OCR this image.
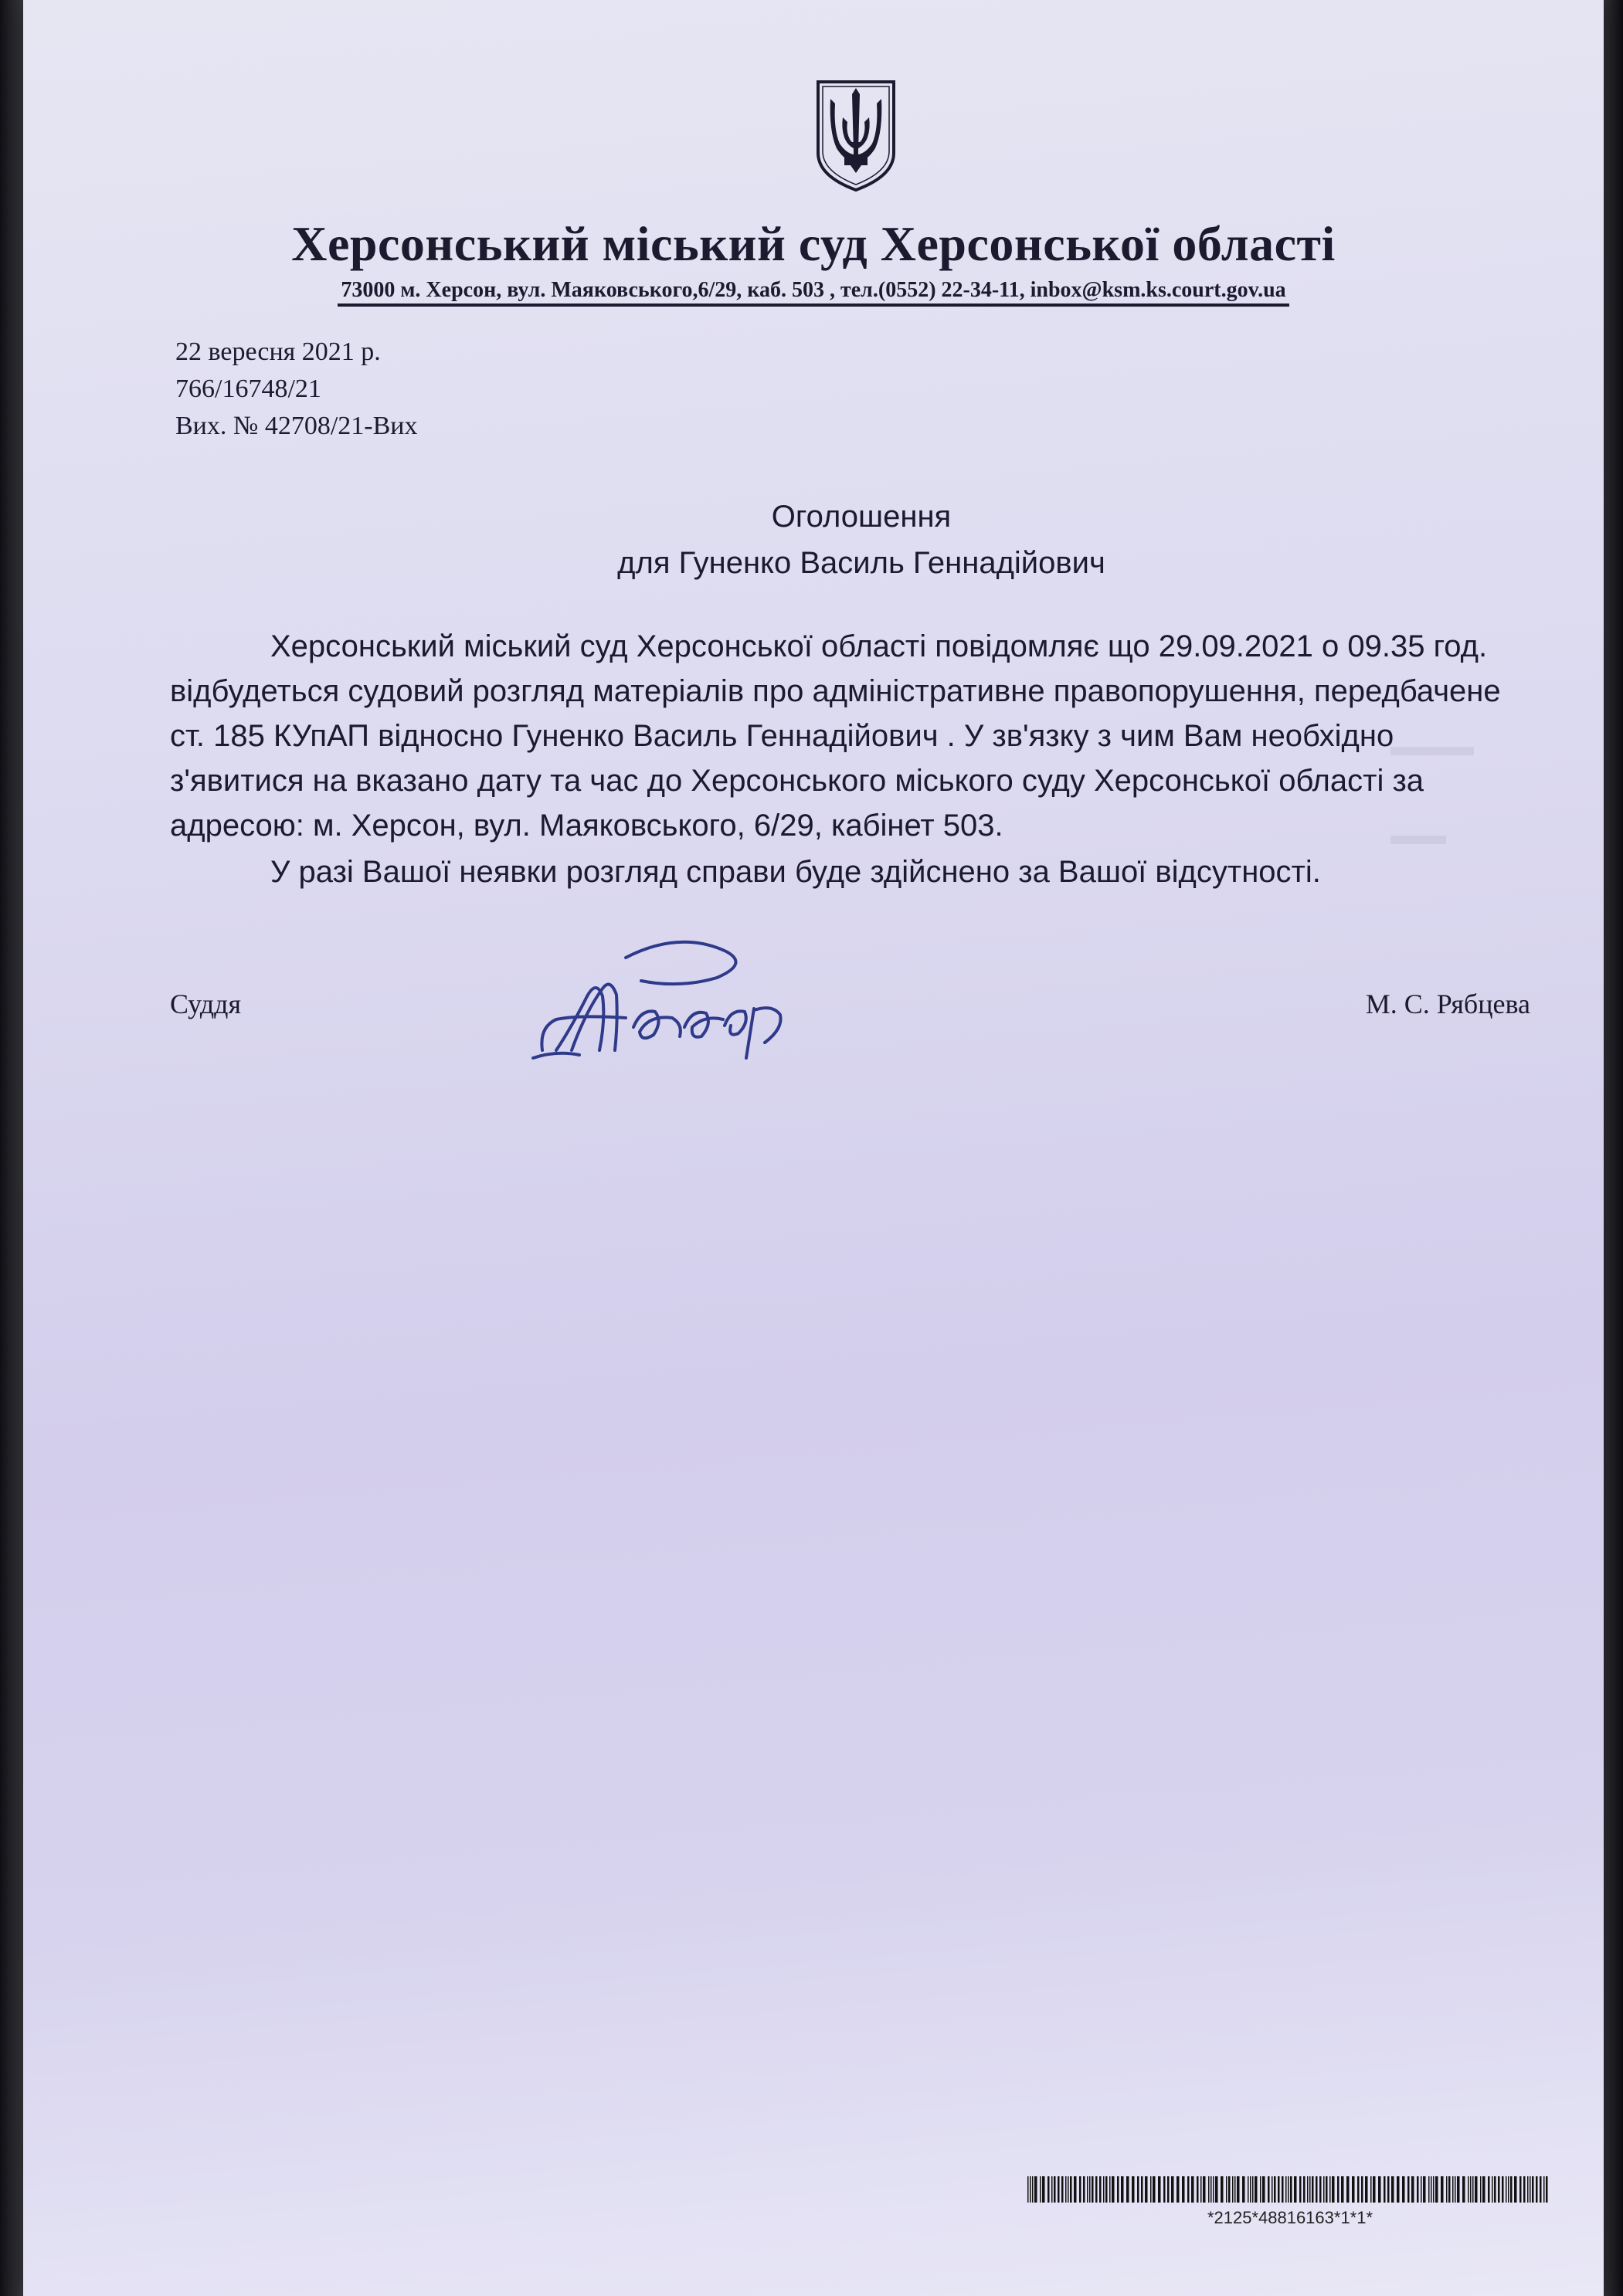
Херсонський міський суд Херсонської області
73000 м. Херсон, вул. Маяковського,6/29, каб. 503 , тел.(0552) 22-34-11, inbox@ksm.ks.court.gov.ua
22 вересня 2021 р.
766/16748/21
Вих. № 42708/21-Вих
Оголошення
для Гуненко Василь Геннадійович

Херсонський міський суд Херсонської області повідомляє що 29.09.2021 о 09.35 год. відбудеться судовий розгляд матеріалів про адміністративне правопорушення, передбачене ст. 185 КУпАП відносно Гуненко Василь Геннадійович . У зв'язку з чим Вам необхідно з'явитися на вказано дату та час до Херсонського міського суду Херсонської області за адресою: м. Херсон, вул. Маяковського, 6/29, кабінет 503.

У разі Вашої неявки розгляд справи буде здійснено за Вашої відсутності.

Суддя	М. С. Рябцева
▬▬▬
▬▬
*2125*48816163*1*1*
